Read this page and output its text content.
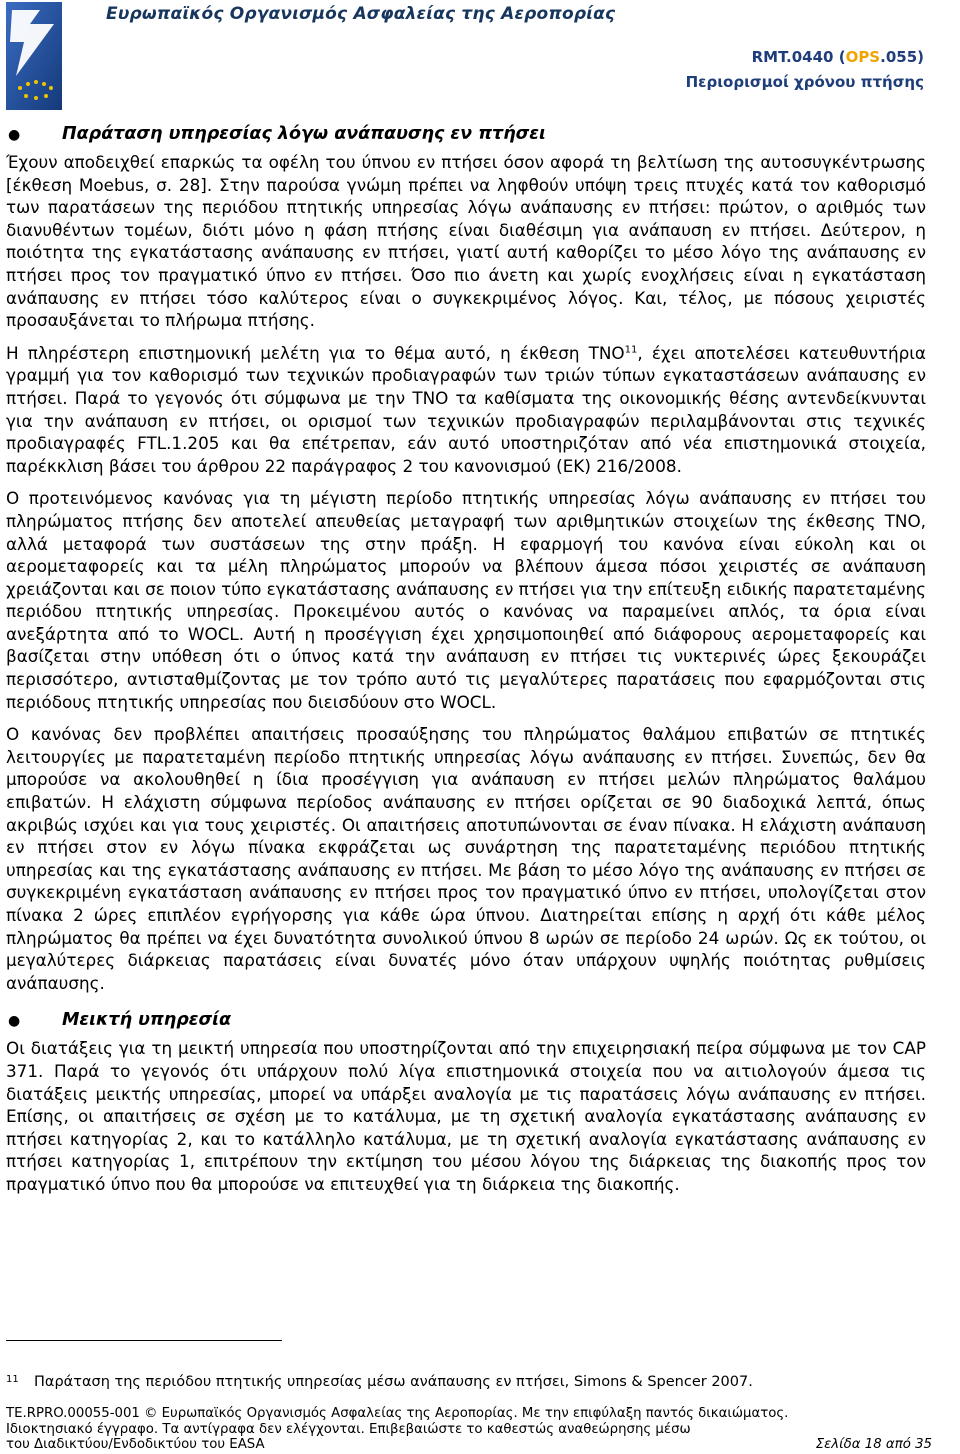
Ευρωπαϊκός Οργανισμός Ασφαλείας της Αεροπορίας
RMT.0440 (OPS.055)
Περιορισμοί χρόνου πτήσης
●	Παράταση υπηρεσίας λόγω ανάπαυσης εν πτήσει

Έχουν αποδειχθεί επαρκώς τα οφέλη του ύπνου εν πτήσει όσον αφορά τη βελτίωση της αυτοσυγκέντρωσης [έκθεση Moebus, σ. 28]. Στην παρούσα γνώμη πρέπει να ληφθούν υπόψη τρεις πτυχές κατά τον καθορισμό των παρατάσεων της περιόδου πτητικής υπηρεσίας λόγω ανάπαυσης εν πτήσει: πρώτον, ο αριθμός των διανυθέντων τομέων, διότι μόνο η φάση πτήσης είναι διαθέσιμη για ανάπαυση εν πτήσει. Δεύτερον, η ποιότητα της εγκατάστασης ανάπαυσης εν πτήσει, γιατί αυτή καθορίζει το μέσο λόγο της ανάπαυσης εν πτήσει προς τον πραγματικό ύπνο εν πτήσει. Όσο πιο άνετη και χωρίς ενοχλήσεις είναι η εγκατάσταση ανάπαυσης εν πτήσει τόσο καλύτερος είναι ο συγκεκριμένος λόγος. Και, τέλος, με πόσους χειριστές προσαυξάνεται το πλήρωμα πτήσης.

Η πληρέστερη επιστημονική μελέτη για το θέμα αυτό, η έκθεση TNO$^{11}$, έχει αποτελέσει κατευθυντήρια γραμμή για τον καθορισμό των τεχνικών προδιαγραφών των τριών τύπων εγκαταστάσεων ανάπαυσης εν πτήσει. Παρά το γεγονός ότι σύμφωνα με την TNO τα καθίσματα της οικονομικής θέσης αντενδείκνυνται για την ανάπαυση εν πτήσει, οι ορισμοί των τεχνικών προδιαγραφών περιλαμβάνονται στις τεχνικές προδιαγραφές FTL.1.205 και θα επέτρεπαν, εάν αυτό υποστηριζόταν από νέα επιστημονικά στοιχεία, παρέκκλιση βάσει του άρθρου 22 παράγραφος 2 του κανονισμού (ΕΚ) 216/2008.

Ο προτεινόμενος κανόνας για τη μέγιστη περίοδο πτητικής υπηρεσίας λόγω ανάπαυσης εν πτήσει του πληρώματος πτήσης δεν αποτελεί απευθείας μεταγραφή των αριθμητικών στοιχείων της έκθεσης TNO, αλλά μεταφορά των συστάσεων της στην πράξη. Η εφαρμογή του κανόνα είναι εύκολη και οι αερομεταφορείς και τα μέλη πληρώματος μπορούν να βλέπουν άμεσα πόσοι χειριστές σε ανάπαυση χρειάζονται και σε ποιον τύπο εγκατάστασης ανάπαυσης εν πτήσει για την επίτευξη ειδικής παρατεταμένης περιόδου πτητικής υπηρεσίας. Προκειμένου αυτός ο κανόνας να παραμείνει απλός, τα όρια είναι ανεξάρτητα από το WOCL. Αυτή η προσέγγιση έχει χρησιμοποιηθεί από διάφορους αερομεταφορείς και βασίζεται στην υπόθεση ότι ο ύπνος κατά την ανάπαυση εν πτήσει τις νυκτερινές ώρες ξεκουράζει περισσότερο, αντισταθμίζοντας με τον τρόπο αυτό τις μεγαλύτερες παρατάσεις που εφαρμόζονται στις περιόδους πτητικής υπηρεσίας που διεισδύουν στο WOCL.

Ο κανόνας δεν προβλέπει απαιτήσεις προσαύξησης του πληρώματος θαλάμου επιβατών σε πτητικές λειτουργίες με παρατεταμένη περίοδο πτητικής υπηρεσίας λόγω ανάπαυσης εν πτήσει. Συνεπώς, δεν θα μπορούσε να ακολουθηθεί η ίδια προσέγγιση για ανάπαυση εν πτήσει μελών πληρώματος θαλάμου επιβατών. Η ελάχιστη σύμφωνα περίοδος ανάπαυσης εν πτήσει ορίζεται σε 90 διαδοχικά λεπτά, όπως ακριβώς ισχύει και για τους χειριστές. Οι απαιτήσεις αποτυπώνονται σε έναν πίνακα. Η ελάχιστη ανάπαυση εν πτήσει στον εν λόγω πίνακα εκφράζεται ως συνάρτηση της παρατεταμένης περιόδου πτητικής υπηρεσίας και της εγκατάστασης ανάπαυσης εν πτήσει. Με βάση το μέσο λόγο της ανάπαυσης εν πτήσει σε συγκεκριμένη εγκατάσταση ανάπαυσης εν πτήσει προς τον πραγματικό ύπνο εν πτήσει, υπολογίζεται στον πίνακα 2 ώρες επιπλέον εγρήγορσης για κάθε ώρα ύπνου. Διατηρείται επίσης η αρχή ότι κάθε μέλος πληρώματος θα πρέπει να έχει δυνατότητα συνολικού ύπνου 8 ωρών σε περίοδο 24 ωρών. Ως εκ τούτου, οι μεγαλύτερες διάρκειας παρατάσεις είναι δυνατές μόνο όταν υπάρχουν υψηλής ποιότητας ρυθμίσεις ανάπαυσης.

●	Μεικτή υπηρεσία

Οι διατάξεις για τη μεικτή υπηρεσία που υποστηρίζονται από την επιχειρησιακή πείρα σύμφωνα με τον CAP 371. Παρά το γεγονός ότι υπάρχουν πολύ λίγα επιστημονικά στοιχεία που να αιτιολογούν άμεσα τις διατάξεις μεικτής υπηρεσίας, μπορεί να υπάρξει αναλογία με τις παρατάσεις λόγω ανάπαυσης εν πτήσει. Επίσης, οι απαιτήσεις σε σχέση με το κατάλυμα, με τη σχετική αναλογία εγκατάστασης ανάπαυσης εν πτήσει κατηγορίας 2, και το κατάλληλο κατάλυμα, με τη σχετική αναλογία εγκατάστασης ανάπαυσης εν πτήσει κατηγορίας 1, επιτρέπουν την εκτίμηση του μέσου λόγου της διάρκειας της διακοπής προς τον πραγματικό ύπνο που θα μπορούσε να επιτευχθεί για τη διάρκεια της διακοπής.

11	Παράταση της περιόδου πτητικής υπηρεσίας μέσω ανάπαυσης εν πτήσει, Simons & Spencer 2007.
TE.RPRO.00055-001 © Ευρωπαϊκός Οργανισμός Ασφαλείας της Αεροπορίας. Με την επιφύλαξη παντός δικαιώματος.
Ιδιοκτησιακό έγγραφο. Τα αντίγραφα δεν ελέγχονται. Επιβεβαιώστε το καθεστώς αναθεώρησης μέσω
του Διαδικτύου/Ενδοδικτύου του EASA	Σελίδα 18 από 35
